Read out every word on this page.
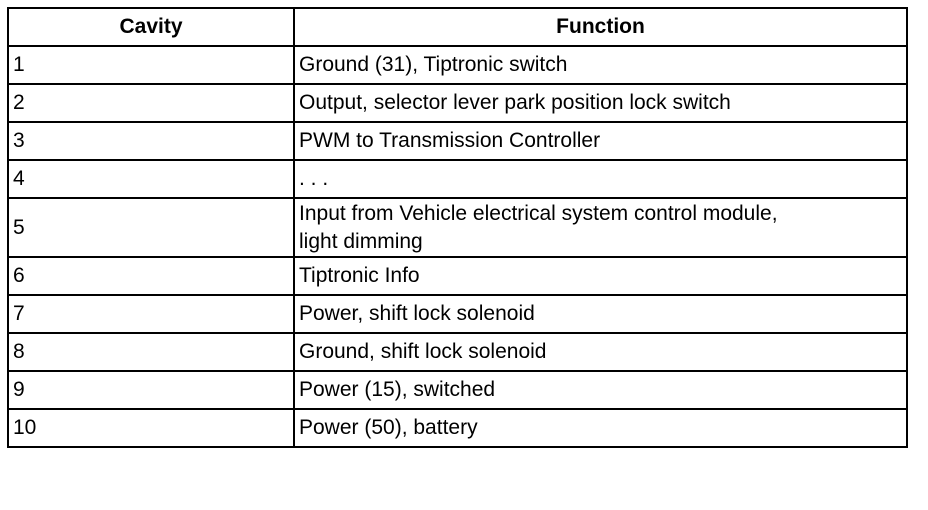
Cavity	Function
1	Ground (31), Tiptronic switch
2	Output, selector lever park position lock switch
3	PWM to Transmission Controller
4	. . .
5	Input from Vehicle electrical system control module,
light dimming
6	Tiptronic Info
7	Power, shift lock solenoid
8	Ground, shift lock solenoid
9	Power (15), switched
10	Power (50), battery
